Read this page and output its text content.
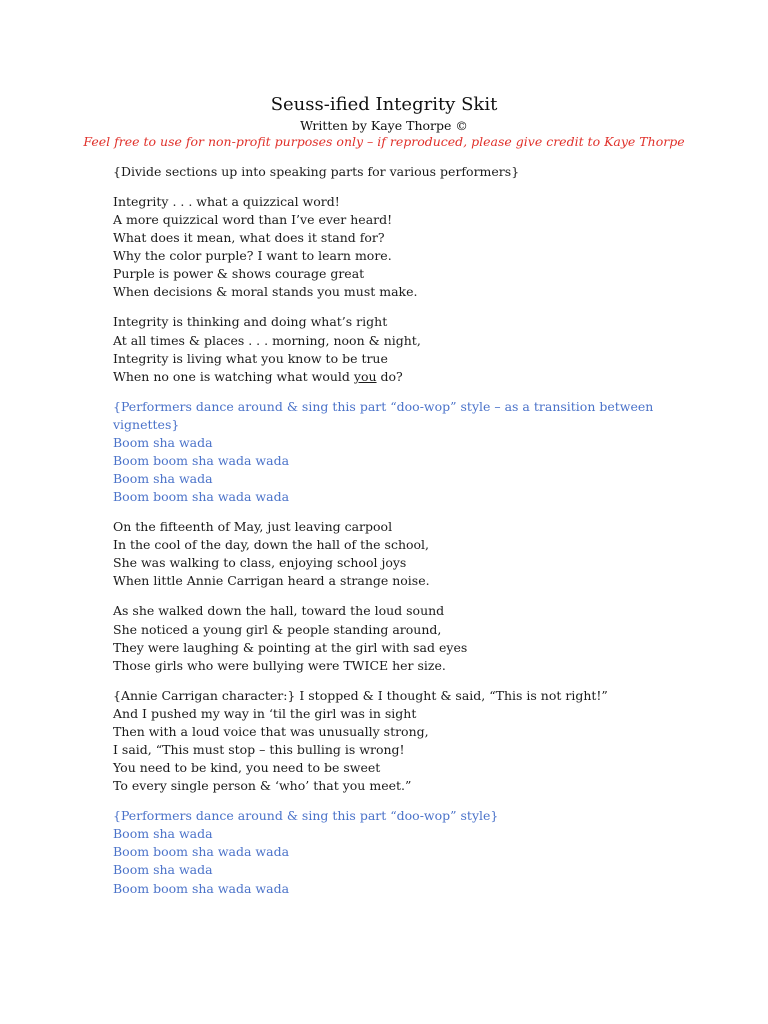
Seuss-ified Integrity Skit
Written by Kaye Thorpe ©
Feel free to use for non-profit purposes only – if reproduced, please give credit to Kaye Thorpe
{Divide sections up into speaking parts for various performers}
Integrity . . . what a quizzical word!
A more quizzical word than I’ve ever heard!
What does it mean, what does it stand for?
Why the color purple? I want to learn more.
Purple is power & shows courage great
When decisions & moral stands you must make.
Integrity is thinking and doing what’s right
At all times & places . . . morning, noon & night,
Integrity is living what you know to be true
When no one is watching what would you do?
{Performers dance around & sing this part “doo-wop” style – as a transition between vignettes}
Boom sha wada
Boom boom sha wada wada
Boom sha wada
Boom boom sha wada wada
On the fifteenth of May, just leaving carpool
In the cool of the day, down the hall of the school,
She was walking to class, enjoying school joys
When little Annie Carrigan heard a strange noise.
As she walked down the hall, toward the loud sound
She noticed a young girl & people standing around,
They were laughing & pointing at the girl with sad eyes
Those girls who were bullying were TWICE her size.
{Annie Carrigan character:} I stopped & I thought & said, “This is not right!”
And I pushed my way in ‘til the girl was in sight
Then with a loud voice that was unusually strong,
I said, “This must stop – this bulling is wrong!
You need to be kind, you need to be sweet
To every single person & ‘who’ that you meet.”
{Performers dance around & sing this part “doo-wop” style}
Boom sha wada
Boom boom sha wada wada
Boom sha wada
Boom boom sha wada wada
